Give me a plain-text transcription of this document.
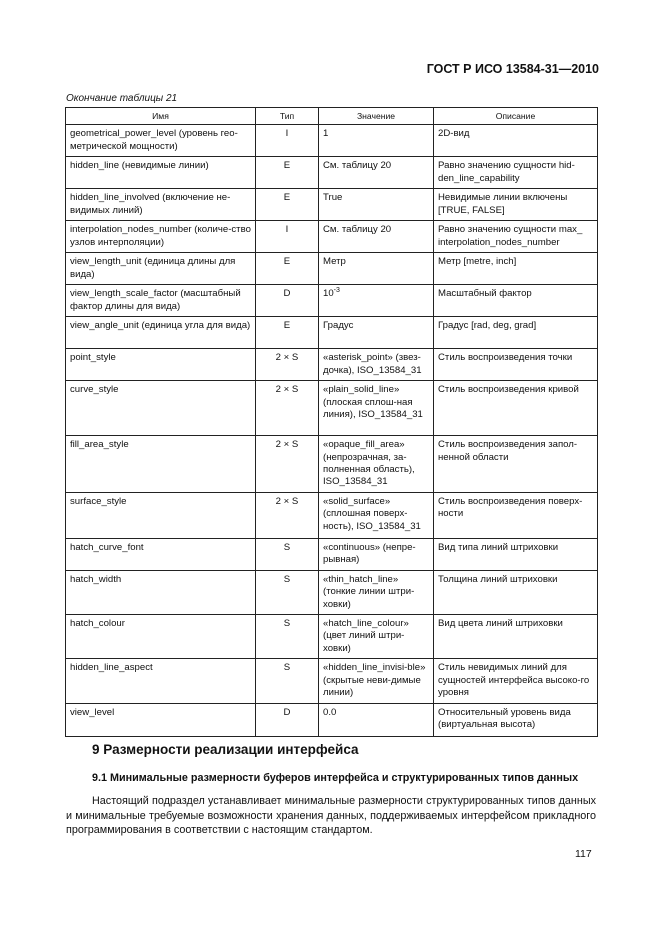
ГОСТ Р ИСО 13584-31—2010
Окончание таблицы 21
Имя	Тип	Значение	Описание
geometrical_power_level (уровень гео-метрической мощности)	I	1	2D-вид
hidden_line (невидимые линии)	E	См. таблицу 20	Равно значению сущности hid-den_line_capability
hidden_line_involved (включение не-видимых линий)	E	True	Невидимые линии включены [TRUE, FALSE]
interpolation_nodes_number (количе-ство узлов интерполяции)	I	См. таблицу 20	Равно значению сущности max_ interpolation_nodes_number
view_length_unit (единица длины для вида)	E	Метр	Метр [metre, inch]
view_length_scale_factor (масштабный фактор длины для вида)	D	$10^{-3}$	Масштабный фактор
view_angle_unit (единица угла для вида)	E	Градус	Градус [rad, deg, grad]
point_style	2 × S	«asterisk_point» (звез-дочка), ISO_13584_31	Стиль воспроизведения точки
curve_style	2 × S	«plain_solid_line» (плоская сплош-ная линия), ISO_13584_31	Стиль воспроизведения кривой
fill_area_style	2 × S	«opaque_fill_area» (непрозрачная, за-полненная область), ISO_13584_31	Стиль воспроизведения запол-ненной области
surface_style	2 × S	«solid_surface» (сплошная поверх-ность), ISO_13584_31	Стиль воспроизведения поверх-ности
hatch_curve_font	S	«continuous» (непре-рывная)	Вид типа линий штриховки
hatch_width	S	«thin_hatch_line» (тонкие линии штри-ховки)	Толщина линий штриховки
hatch_colour	S	«hatch_line_colour» (цвет линий штри-ховки)	Вид цвета линий штриховки
hidden_line_aspect	S	«hidden_line_invisi-ble» (скрытые неви-димые линии)	Стиль невидимых линий для сущностей интерфейса высоко-го уровня
view_level	D	0.0	Относительный уровень вида (виртуальная высота)
9 Размерности реализации интерфейса
9.1 Минимальные размерности буферов интерфейса и структурированных типов данных

Настоящий подраздел устанавливает минимальные размерности структурированных типов данных и минимальные требуемые возможности хранения данных, поддерживаемых интерфейсом прикладного программирования в соответствии с настоящим стандартом.

117
